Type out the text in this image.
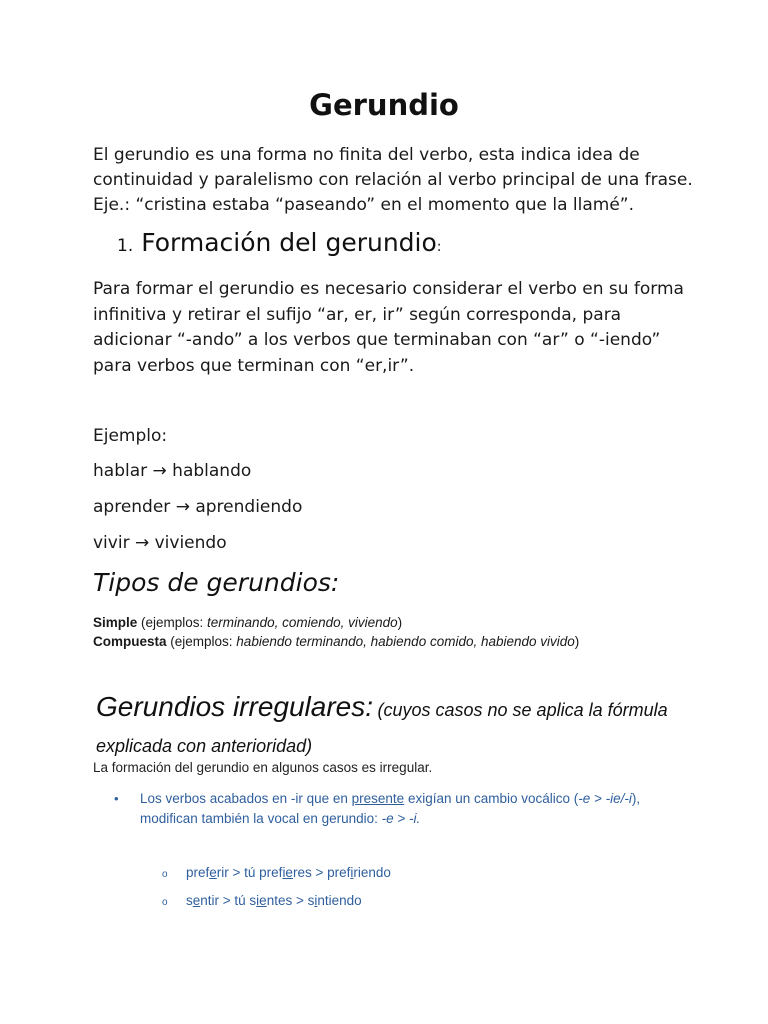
Gerundio
El gerundio es una forma no finita del verbo, esta indica idea de continuidad y paralelismo con relación al verbo principal de una frase. Eje.: “cristina estaba “paseando” en el momento que la llamé”.
1. Formación del gerundio:
Para formar el gerundio es necesario considerar el verbo en su forma infinitiva y retirar el sufijo “ar, er, ir” según corresponda, para adicionar “-ando” a los verbos que terminaban con “ar” o “-iendo” para verbos que terminan con “er,ir”.
Ejemplo:
hablar → hablando
aprender → aprendiendo
vivir → viviendo
Tipos de gerundios:
Simple (ejemplos: terminando, comiendo, viviendo)
Compuesta (ejemplos: habiendo terminando, habiendo comido, habiendo vivido)
Gerundios irregulares: (cuyos casos no se aplica la fórmula explicada con anterioridad)
La formación del gerundio en algunos casos es irregular.
• Los verbos acabados en -ir que en presente exigían un cambio vocálico (-e > -ie/-i), modifican también la vocal en gerundio: -e > -i.
o preferir > tú prefieres > prefiriendo
o sentir > tú sientes > sintiendo
